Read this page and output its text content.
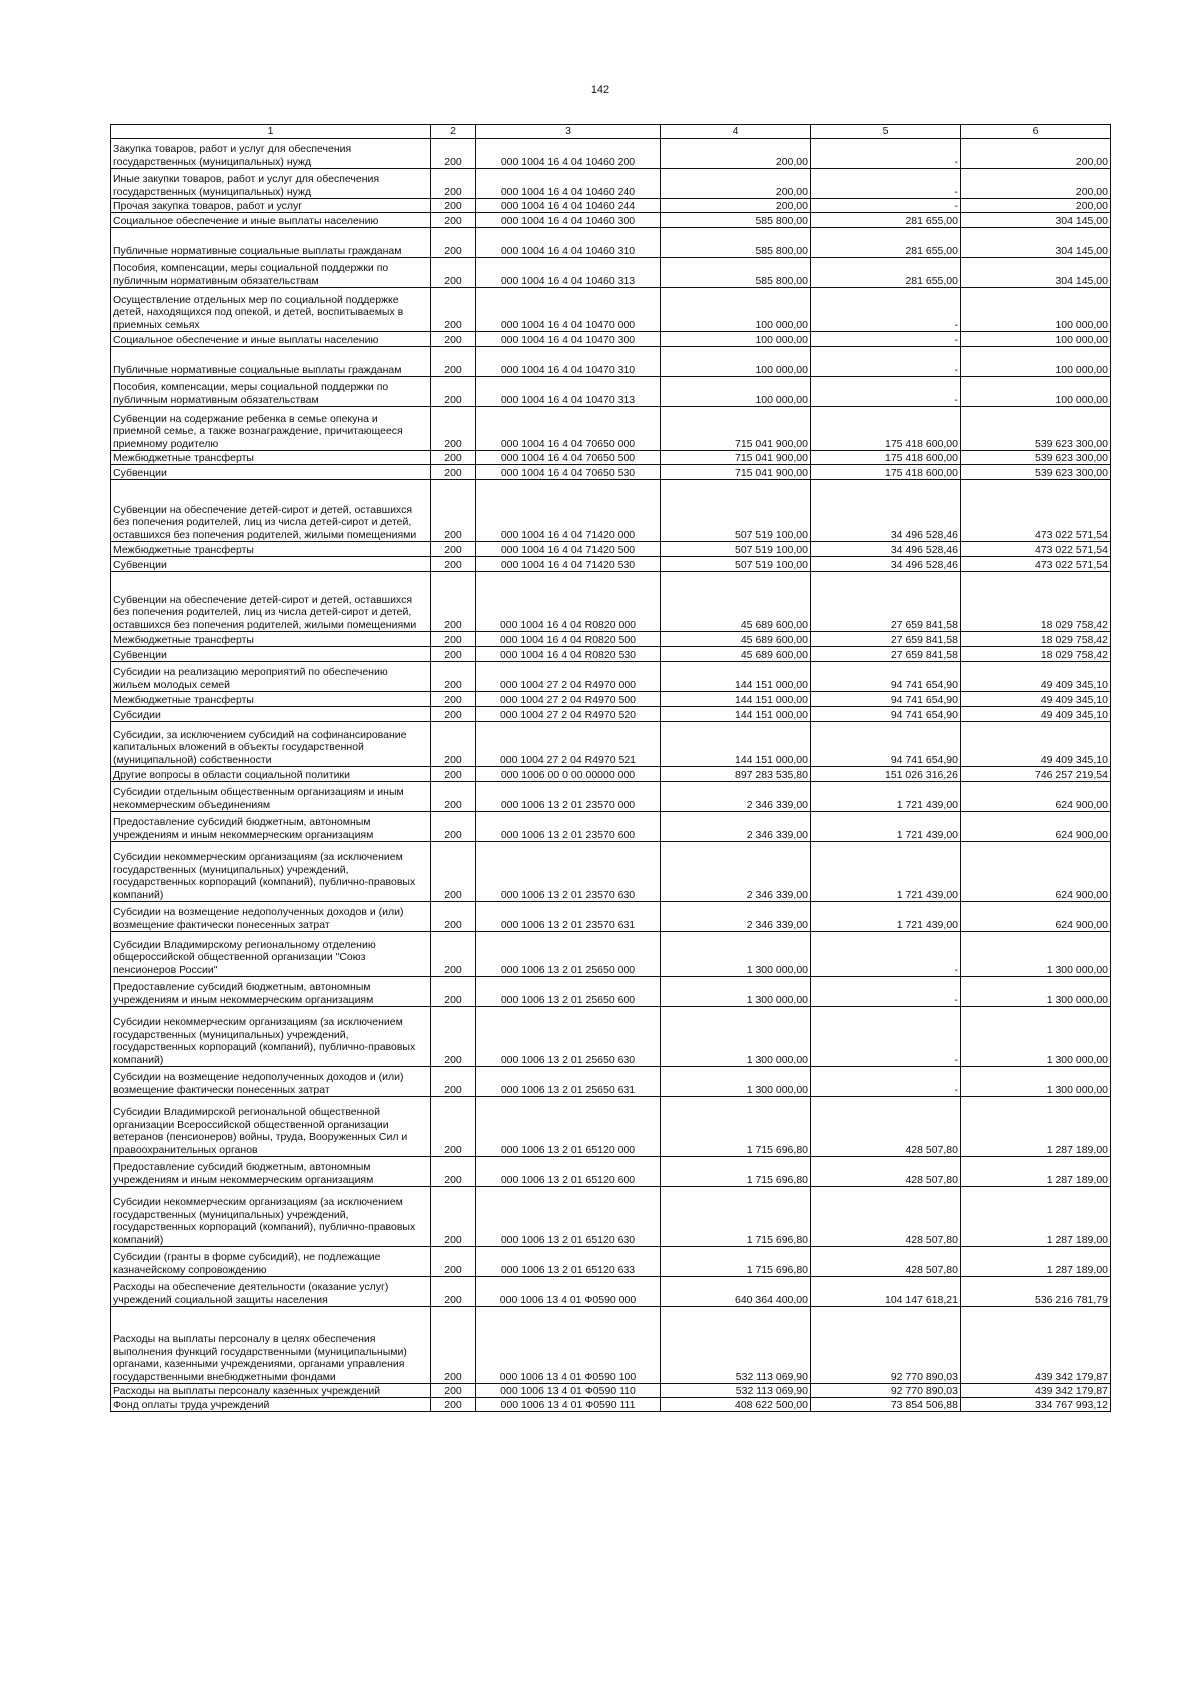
142
1	2	3	4	5	6
Закупка товаров, работ и услуг для обеспечения государственных (муниципальных) нужд	200	000 1004 16 4 04 10460 200	200,00	-	200,00
Иные закупки товаров, работ и услуг для обеспечения государственных (муниципальных) нужд	200	000 1004 16 4 04 10460 240	200,00	-	200,00
Прочая закупка товаров, работ и услуг	200	000 1004 16 4 04 10460 244	200,00	-	200,00
Социальное обеспечение и иные выплаты населению	200	000 1004 16 4 04 10460 300	585 800,00	281 655,00	304 145,00
Публичные нормативные социальные выплаты гражданам	200	000 1004 16 4 04 10460 310	585 800,00	281 655,00	304 145,00
Пособия, компенсации, меры социальной поддержки по публичным нормативным обязательствам	200	000 1004 16 4 04 10460 313	585 800,00	281 655,00	304 145,00
Осуществление отдельных мер по социальной поддержке детей, находящихся под опекой, и детей, воспитываемых в приемных семьях	200	000 1004 16 4 04 10470 000	100 000,00	-	100 000,00
Социальное обеспечение и иные выплаты населению	200	000 1004 16 4 04 10470 300	100 000,00	-	100 000,00
Публичные нормативные социальные выплаты гражданам	200	000 1004 16 4 04 10470 310	100 000,00	-	100 000,00
Пособия, компенсации, меры социальной поддержки по публичным нормативным обязательствам	200	000 1004 16 4 04 10470 313	100 000,00	-	100 000,00
Субвенции на содержание ребенка в семье опекуна и приемной семье, а также вознаграждение, причитающееся приемному родителю	200	000 1004 16 4 04 70650 000	715 041 900,00	175 418 600,00	539 623 300,00
Межбюджетные трансферты	200	000 1004 16 4 04 70650 500	715 041 900,00	175 418 600,00	539 623 300,00
Субвенции	200	000 1004 16 4 04 70650 530	715 041 900,00	175 418 600,00	539 623 300,00
Субвенции на обеспечение детей-сирот и детей, оставшихся без попечения родителей, лиц из числа детей-сирот и детей, оставшихся без попечения родителей, жилыми помещениями	200	000 1004 16 4 04 71420 000	507 519 100,00	34 496 528,46	473 022 571,54
Межбюджетные трансферты	200	000 1004 16 4 04 71420 500	507 519 100,00	34 496 528,46	473 022 571,54
Субвенции	200	000 1004 16 4 04 71420 530	507 519 100,00	34 496 528,46	473 022 571,54
Субвенции на обеспечение детей-сирот и детей, оставшихся без попечения родителей, лиц из числа детей-сирот и детей, оставшихся без попечения родителей, жилыми помещениями	200	000 1004 16 4 04 R0820 000	45 689 600,00	27 659 841,58	18 029 758,42
Межбюджетные трансферты	200	000 1004 16 4 04 R0820 500	45 689 600,00	27 659 841,58	18 029 758,42
Субвенции	200	000 1004 16 4 04 R0820 530	45 689 600,00	27 659 841,58	18 029 758,42
Субсидии на реализацию мероприятий по обеспечению жильем молодых семей	200	000 1004 27 2 04 R4970 000	144 151 000,00	94 741 654,90	49 409 345,10
Межбюджетные трансферты	200	000 1004 27 2 04 R4970 500	144 151 000,00	94 741 654,90	49 409 345,10
Субсидии	200	000 1004 27 2 04 R4970 520	144 151 000,00	94 741 654,90	49 409 345,10
Субсидии, за исключением субсидий на софинансирование капитальных вложений в объекты государственной (муниципальной) собственности	200	000 1004 27 2 04 R4970 521	144 151 000,00	94 741 654,90	49 409 345,10
Другие вопросы в области социальной политики	200	000 1006 00 0 00 00000 000	897 283 535,80	151 026 316,26	746 257 219,54
Субсидии отдельным общественным организациям и иным некоммерческим объединениям	200	000 1006 13 2 01 23570 000	2 346 339,00	1 721 439,00	624 900,00
Предоставление субсидий бюджетным, автономным учреждениям и иным некоммерческим организациям	200	000 1006 13 2 01 23570 600	2 346 339,00	1 721 439,00	624 900,00
Субсидии некоммерческим организациям (за исключением государственных (муниципальных) учреждений, государственных корпораций (компаний), публично-правовых компаний)	200	000 1006 13 2 01 23570 630	2 346 339,00	1 721 439,00	624 900,00
Субсидии на возмещение недополученных доходов и (или) возмещение фактически понесенных затрат	200	000 1006 13 2 01 23570 631	2 346 339,00	1 721 439,00	624 900,00
Субсидии Владимирскому региональному отделению общероссийской общественной организации "Союз пенсионеров России"	200	000 1006 13 2 01 25650 000	1 300 000,00	-	1 300 000,00
Предоставление субсидий бюджетным, автономным учреждениям и иным некоммерческим организациям	200	000 1006 13 2 01 25650 600	1 300 000,00	-	1 300 000,00
Субсидии некоммерческим организациям (за исключением государственных (муниципальных) учреждений, государственных корпораций (компаний), публично-правовых компаний)	200	000 1006 13 2 01 25650 630	1 300 000,00	-	1 300 000,00
Субсидии на возмещение недополученных доходов и (или) возмещение фактически понесенных затрат	200	000 1006 13 2 01 25650 631	1 300 000,00	-	1 300 000,00
Субсидии Владимирской региональной общественной организации Всероссийской общественной организации ветеранов (пенсионеров) войны, труда, Вооруженных Сил и правоохранительных органов	200	000 1006 13 2 01 65120 000	1 715 696,80	428 507,80	1 287 189,00
Предоставление субсидий бюджетным, автономным учреждениям и иным некоммерческим организациям	200	000 1006 13 2 01 65120 600	1 715 696,80	428 507,80	1 287 189,00
Субсидии некоммерческим организациям (за исключением государственных (муниципальных) учреждений, государственных корпораций (компаний), публично-правовых компаний)	200	000 1006 13 2 01 65120 630	1 715 696,80	428 507,80	1 287 189,00
Субсидии (гранты в форме субсидий), не подлежащие казначейскому сопровождению	200	000 1006 13 2 01 65120 633	1 715 696,80	428 507,80	1 287 189,00
Расходы на обеспечение деятельности (оказание услуг) учреждений социальной защиты населения	200	000 1006 13 4 01 Ф0590 000	640 364 400,00	104 147 618,21	536 216 781,79
Расходы на выплаты персоналу в целях обеспечения выполнения функций государственными (муниципальными) органами, казенными учреждениями, органами управления государственными внебюджетными фондами	200	000 1006 13 4 01 Ф0590 100	532 113 069,90	92 770 890,03	439 342 179,87
Расходы на выплаты персоналу казенных учреждений	200	000 1006 13 4 01 Ф0590 110	532 113 069,90	92 770 890,03	439 342 179,87
Фонд оплаты труда учреждений	200	000 1006 13 4 01 Ф0590 111	408 622 500,00	73 854 506,88	334 767 993,12
